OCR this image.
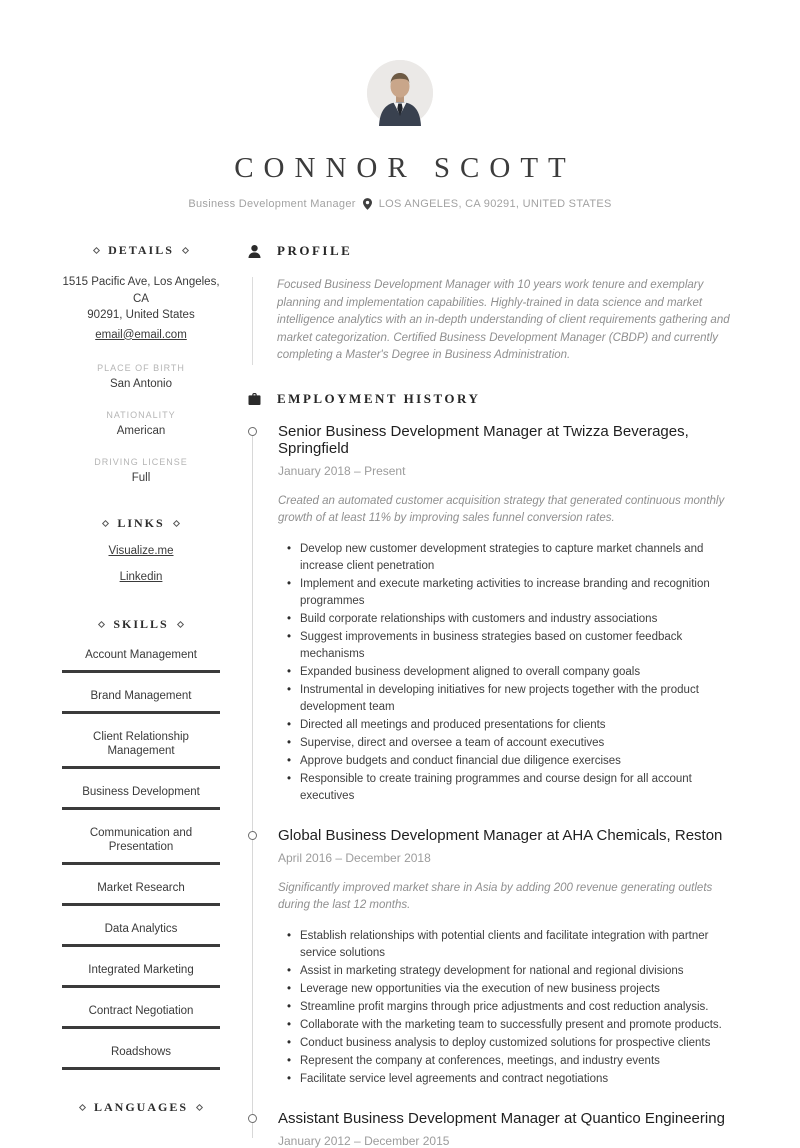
CONNOR SCOTT
Business Development Manager LOS ANGELES, CA 90291, UNITED STATES
DETAILS
1515 Pacific Ave, Los Angeles, CA
90291, United States
email@email.com
PLACE OF BIRTH
San Antonio
NATIONALITY
American
DRIVING LICENSE
Full
LINKS
Visualize.me
Linkedin
SKILLS
Account Management
Brand Management
Client Relationship Management
Business Development
Communication and Presentation
Market Research
Data Analytics
Integrated Marketing
Contract Negotiation
Roadshows
LANGUAGES
PROFILE

Focused Business Development Manager with 10 years work tenure and exemplary planning and implementation capabilities. Highly-trained in data science and market intelligence analytics with an in-depth understanding of client requirements gathering and market categorization. Certified Business Development Manager (CBDP) and currently completing a Master's Degree in Business Administration.

EMPLOYMENT HISTORY
Senior Business Development Manager at Twizza Beverages, Springfield
January 2018 – Present

Created an automated customer acquisition strategy that generated continuous monthly growth of at least 11% by improving sales funnel conversion rates.

• Develop new customer development strategies to capture market channels and increase client penetration
• Implement and execute marketing activities to increase branding and recognition programmes
• Build corporate relationships with customers and industry associations
• Suggest improvements in business strategies based on customer feedback mechanisms
• Expanded business development aligned to overall company goals
• Instrumental in developing initiatives for new projects together with the product development team
• Directed all meetings and produced presentations for clients
• Supervise, direct and oversee a team of account executives
• Approve budgets and conduct financial due diligence exercises
• Responsible to create training programmes and course design for all account executives
Global Business Development Manager at AHA Chemicals, Reston
April 2016 – December 2018

Significantly improved market share in Asia by adding 200 revenue generating outlets during the last 12 months.

• Establish relationships with potential clients and facilitate integration with partner service solutions
• Assist in marketing strategy development for national and regional divisions
• Leverage new opportunities via the execution of new business projects
• Streamline profit margins through price adjustments and cost reduction analysis.
• Collaborate with the marketing team to successfully present and promote products.
• Conduct business analysis to deploy customized solutions for prospective clients
• Represent the company at conferences, meetings, and industry events
• Facilitate service level agreements and contract negotiations
Assistant Business Development Manager at Quantico Engineering
January 2012 – December 2015
